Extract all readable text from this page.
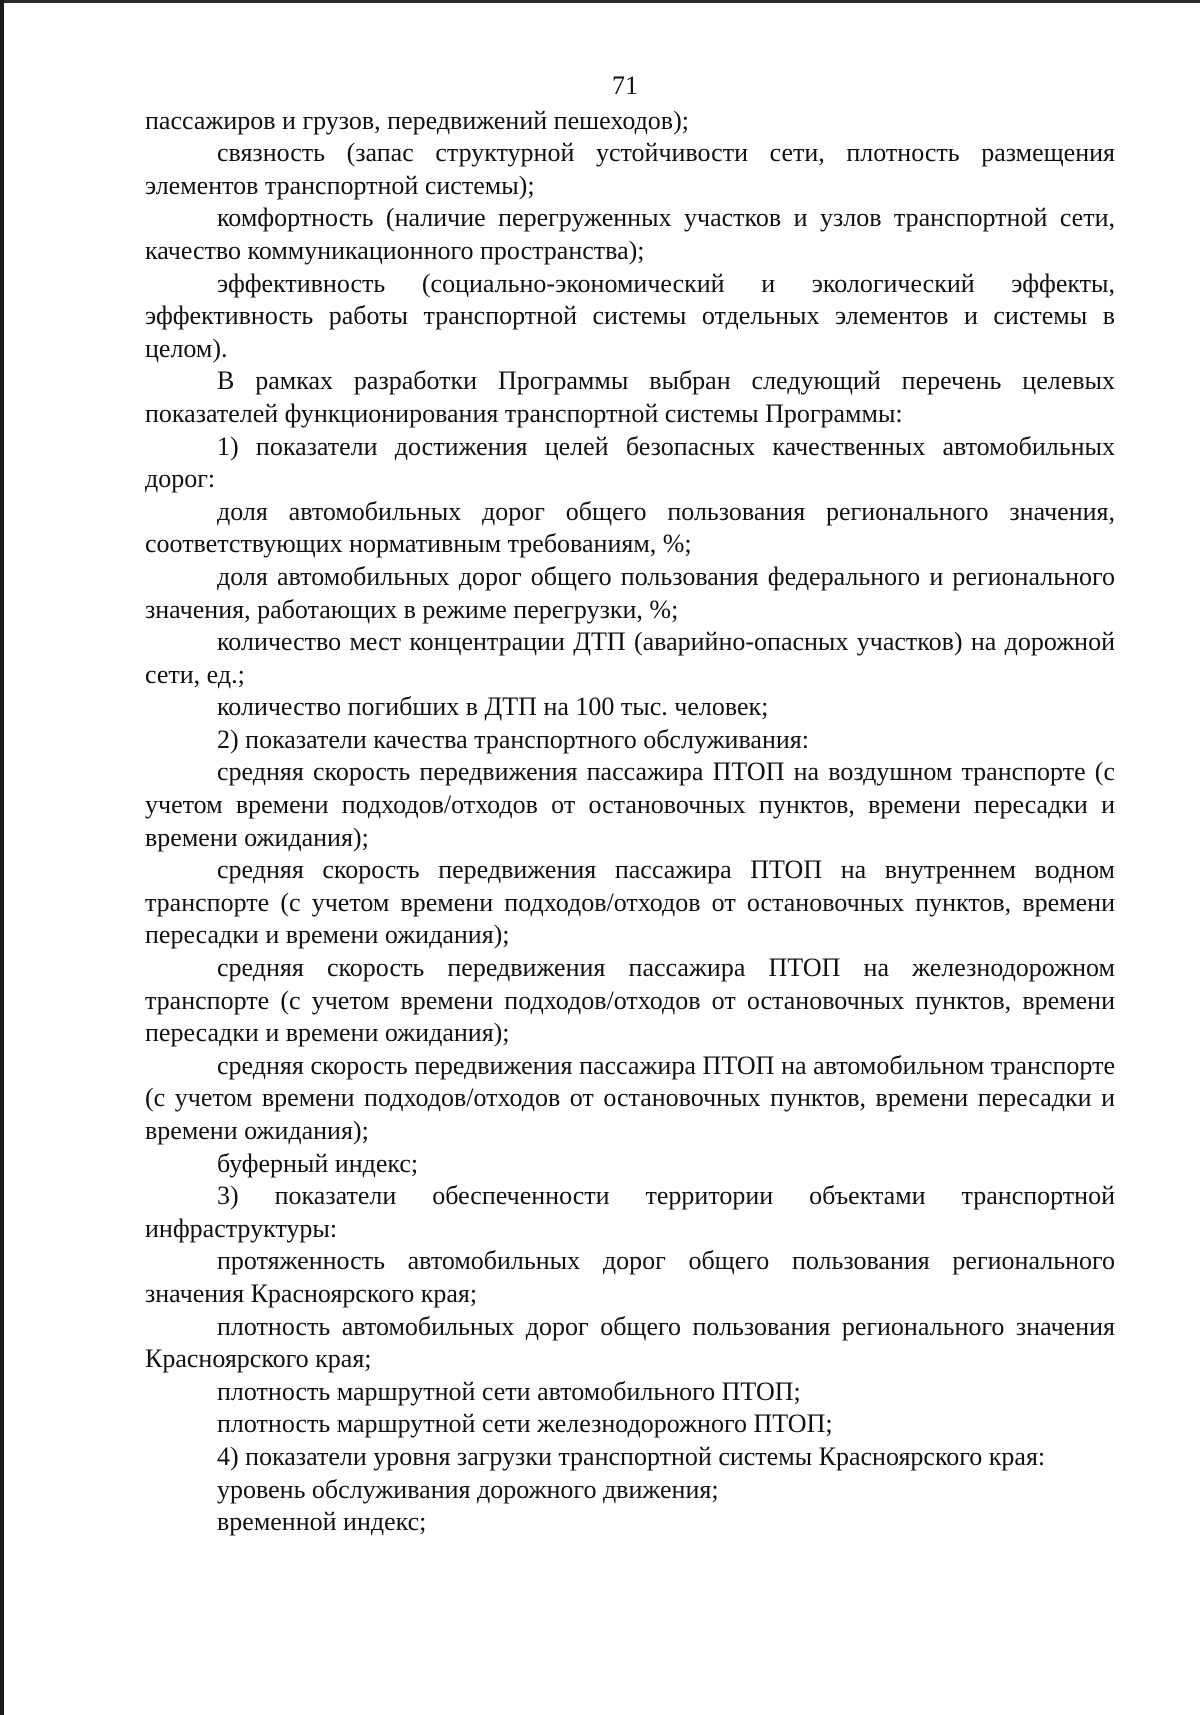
71

пассажиров и грузов, передвижений пешеходов);

связность (запас структурной устойчивости сети, плотность размещения элементов транспортной системы);

комфортность (наличие перегруженных участков и узлов транспортной сети, качество коммуникационного пространства);

эффективность (социально-экономический и экологический эффекты, эффективность работы транспортной системы отдельных элементов и системы в целом).

В рамках разработки Программы выбран следующий перечень целевых показателей функционирования транспортной системы Программы:

1) показатели достижения целей безопасных качественных автомобильных дорог:

доля автомобильных дорог общего пользования регионального значения, соответствующих нормативным требованиям, %;

доля автомобильных дорог общего пользования федерального и регионального значения, работающих в режиме перегрузки, %;

количество мест концентрации ДТП (аварийно-опасных участков) на дорожной сети, ед.;

количество погибших в ДТП на 100 тыс. человек;

2) показатели качества транспортного обслуживания:

средняя скорость передвижения пассажира ПТОП на воздушном транспорте (с учетом времени подходов/отходов от остановочных пунктов, времени пересадки и времени ожидания);

средняя скорость передвижения пассажира ПТОП на внутреннем водном транспорте (с учетом времени подходов/отходов от остановочных пунктов, времени пересадки и времени ожидания);

средняя скорость передвижения пассажира ПТОП на железнодорожном транспорте (с учетом времени подходов/отходов от остановочных пунктов, времени пересадки и времени ожидания);

средняя скорость передвижения пассажира ПТОП на автомобильном транспорте (с учетом времени подходов/отходов от остановочных пунктов, времени пересадки и времени ожидания);

буферный индекс;

3) показатели обеспеченности территории объектами транспортной инфраструктуры:

протяженность автомобильных дорог общего пользования регионального значения Красноярского края;

плотность автомобильных дорог общего пользования регионального значения Красноярского края;

плотность маршрутной сети автомобильного ПТОП;

плотность маршрутной сети железнодорожного ПТОП;

4) показатели уровня загрузки транспортной системы Красноярского края:

уровень обслуживания дорожного движения;

временной индекс;
